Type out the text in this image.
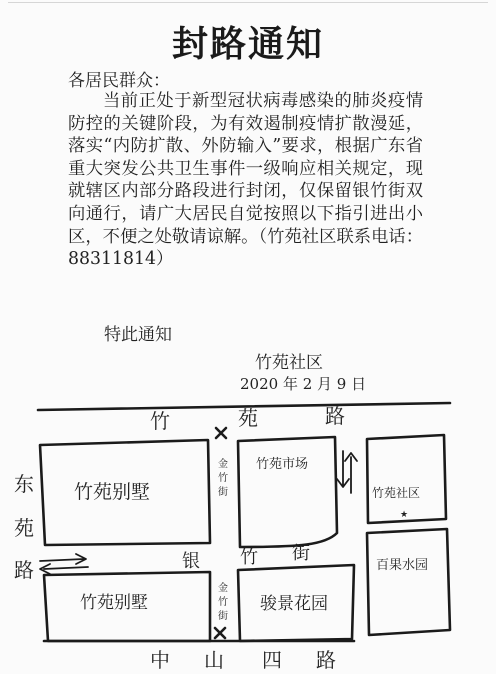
封路通知
各居民群众：

当前正处于新型冠状病毒感染的肺炎疫情防控的关键阶段，为有效遏制疫情扩散漫延，落实“内防扩散、外防输入”要求，根据广东省重大突发公共卫生事件一级响应相关规定，现就辖区内部分路段进行封闭，仅保留银竹街双向通行，请广大居民自觉按照以下指引进出小区，不便之处敬请谅解。（竹苑社区联系电话：88311814）

特此通知
竹苑社区
2020 年 2 月 9 日
竹	苑	路
东
苑
路	银 竹 街
中 山 四 路
金
竹
街
金
竹
街
竹苑别墅
竹苑市场
竹苑社区
★
百果水园
竹苑别墅	骏景花园
